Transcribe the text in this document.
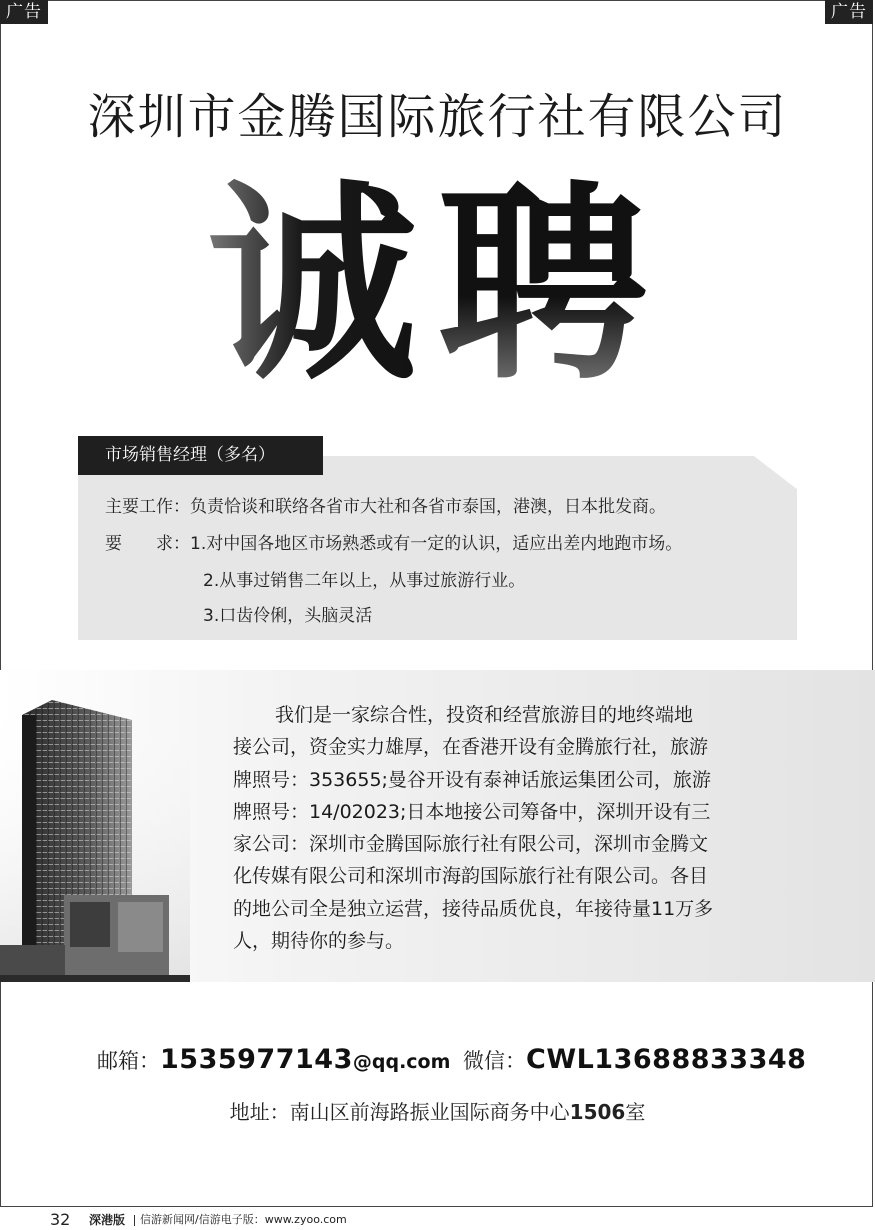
广告	广告
深圳市金腾国际旅行社有限公司
诚聘
市场销售经理（多名）
主要工作：负责恰谈和联络各省市大社和各省市泰国，港澳，日本批发商。
要　　求：1.对中国各地区市场熟悉或有一定的认识，适应出差内地跑市场。
2.从事过销售二年以上，从事过旅游行业。
3.口齿伶俐，头脑灵活
我们是一家综合性，投资和经营旅游目的地终端地
接公司，资金实力雄厚，在香港开设有金腾旅行社，旅游
牌照号：353655;曼谷开设有泰神话旅运集团公司，旅游
牌照号：14/02023;日本地接公司筹备中，深圳开设有三
家公司：深圳市金腾国际旅行社有限公司，深圳市金腾文
化传媒有限公司和深圳市海韵国际旅行社有限公司。各目
的地公司全是独立运营，接待品质优良，年接待量11万多
人，期待你的参与。
邮箱：1535977143@qq.com 微信：CWL13688833348
地址：南山区前海路振业国际商务中心1506室
32 深港版 信游新闻网/信游电子版：www.zyoo.com
